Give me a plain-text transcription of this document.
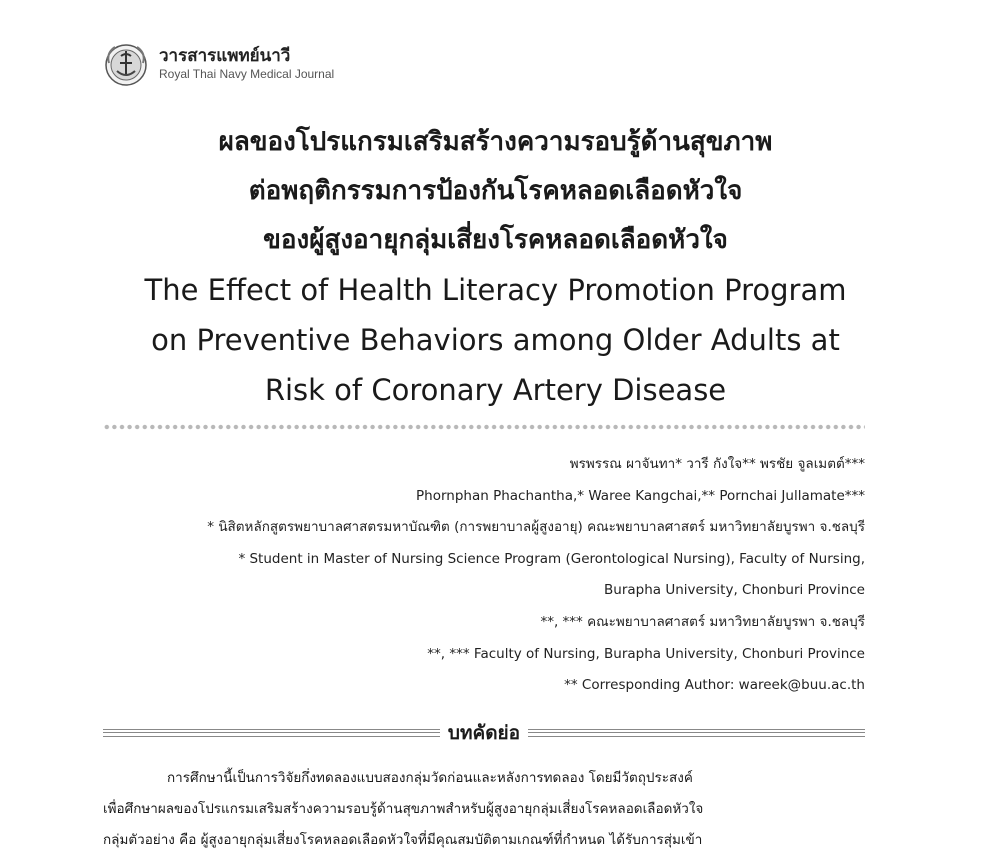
วารสารแพทย์นาวี
Royal Thai Navy Medical Journal
ผลของโปรแกรมเสริมสร้างความรอบรู้ด้านสุขภาพ
ต่อพฤติกรรมการป้องกันโรคหลอดเลือดหัวใจ
ของผู้สูงอายุกลุ่มเสี่ยงโรคหลอดเลือดหัวใจ
The Effect of Health Literacy Promotion Program
on Preventive Behaviors among Older Adults at
Risk of Coronary Artery Disease
พรพรรณ ผาจันทา* วารี กังใจ** พรชัย จูลเมตต์***
Phornphan Phachantha,* Waree Kangchai,** Pornchai Jullamate***
* นิสิตหลักสูตรพยาบาลศาสตรมหาบัณฑิต (การพยาบาลผู้สูงอายุ) คณะพยาบาลศาสตร์ มหาวิทยาลัยบูรพา จ.ชลบุรี
* Student in Master of Nursing Science Program (Gerontological Nursing), Faculty of Nursing,
Burapha University, Chonburi Province
**, *** คณะพยาบาลศาสตร์ มหาวิทยาลัยบูรพา จ.ชลบุรี
**, *** Faculty of Nursing, Burapha University, Chonburi Province
** Corresponding Author: wareek@buu.ac.th
บทคัดย่อ
การศึกษานี้เป็นการวิจัยกึ่งทดลองแบบสองกลุ่มวัดก่อนและหลังการทดลอง โดยมีวัตถุประสงค์
เพื่อศึกษาผลของโปรแกรมเสริมสร้างความรอบรู้ด้านสุขภาพสำหรับผู้สูงอายุกลุ่มเสี่ยงโรคหลอดเลือดหัวใจ
กลุ่มตัวอย่าง คือ ผู้สูงอายุกลุ่มเสี่ยงโรคหลอดเลือดหัวใจที่มีคุณสมบัติตามเกณฑ์ที่กำหนด ได้รับการสุ่มเข้า
